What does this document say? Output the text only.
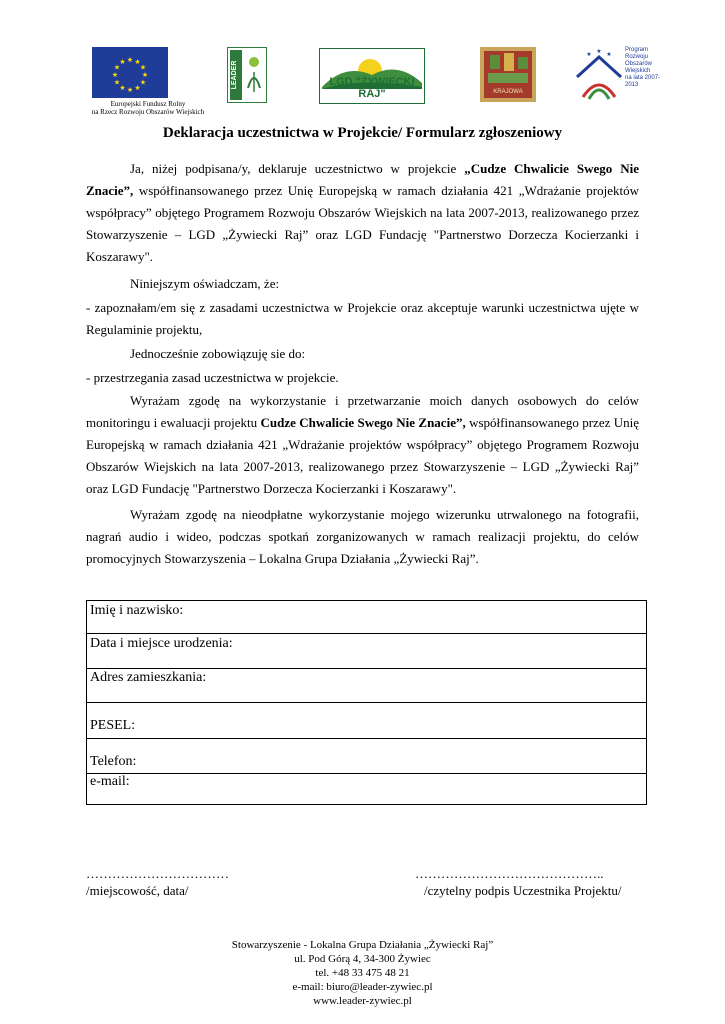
★ ★
★
★
★
★
★
★
★
★
★
★
Europejski Fundusz Rolny
na Rzecz Rozwoju Obszarów Wiejskich
LEADER	LGD "ŻYWIECKI RAJ"	KRAJOWA
★
★ ★
Program
Rozwoju
Obszarów
Wiejskich
na lata 2007-2013
Deklaracja uczestnictwa w Projekcie/ Formularz zgłoszeniowy
Ja, niżej podpisana/y, deklaruje uczestnictwo w projekcie „Cudze Chwalicie Swego Nie Znacie”, współfinansowanego przez Unię Europejską w ramach działania 421 „Wdrażanie projektów współpracy” objętego Programem Rozwoju Obszarów Wiejskich na lata 2007-2013, realizowanego przez Stowarzyszenie – LGD „Żywiecki Raj” oraz LGD Fundację "Partnerstwo Dorzecza Kocierzanki i Koszarawy".
Niniejszym oświadczam, że:
- zapoznałam/em się z zasadami uczestnictwa w Projekcie oraz akceptuje warunki uczestnictwa ujęte w Regulaminie projektu,
Jednocześnie zobowiązuję sie do:
- przestrzegania zasad uczestnictwa w projekcie.
Wyrażam zgodę na wykorzystanie i przetwarzanie moich danych osobowych do celów monitoringu i ewaluacji projektu Cudze Chwalicie Swego Nie Znacie”, współfinansowanego przez Unię Europejską w ramach działania 421 „Wdrażanie projektów współpracy” objętego Programem Rozwoju Obszarów Wiejskich na lata 2007-2013, realizowanego przez Stowarzyszenie – LGD „Żywiecki Raj” oraz LGD Fundację "Partnerstwo Dorzecza Kocierzanki i Koszarawy".
Wyrażam zgodę na nieodpłatne wykorzystanie mojego wizerunku utrwalonego na fotografii, nagrań audio i wideo, podczas spotkań zorganizowanych w ramach realizacji projektu, do celów promocyjnych Stowarzyszenia – Lokalna Grupa Działania „Żywiecki Raj”.
Imię i nazwisko:
Data i miejsce urodzenia:
Adres zamieszkania:
PESEL:
Telefon:
e-mail:
……………………………
/miejscowość, data/
……………………………………..
/czytelny podpis Uczestnika Projektu/
Stowarzyszenie - Lokalna Grupa Działania „Żywiecki Raj”
ul. Pod Górą 4, 34-300 Żywiec
tel. +48 33 475 48 21
e-mail: biuro@leader-zywiec.pl
www.leader-zywiec.pl
